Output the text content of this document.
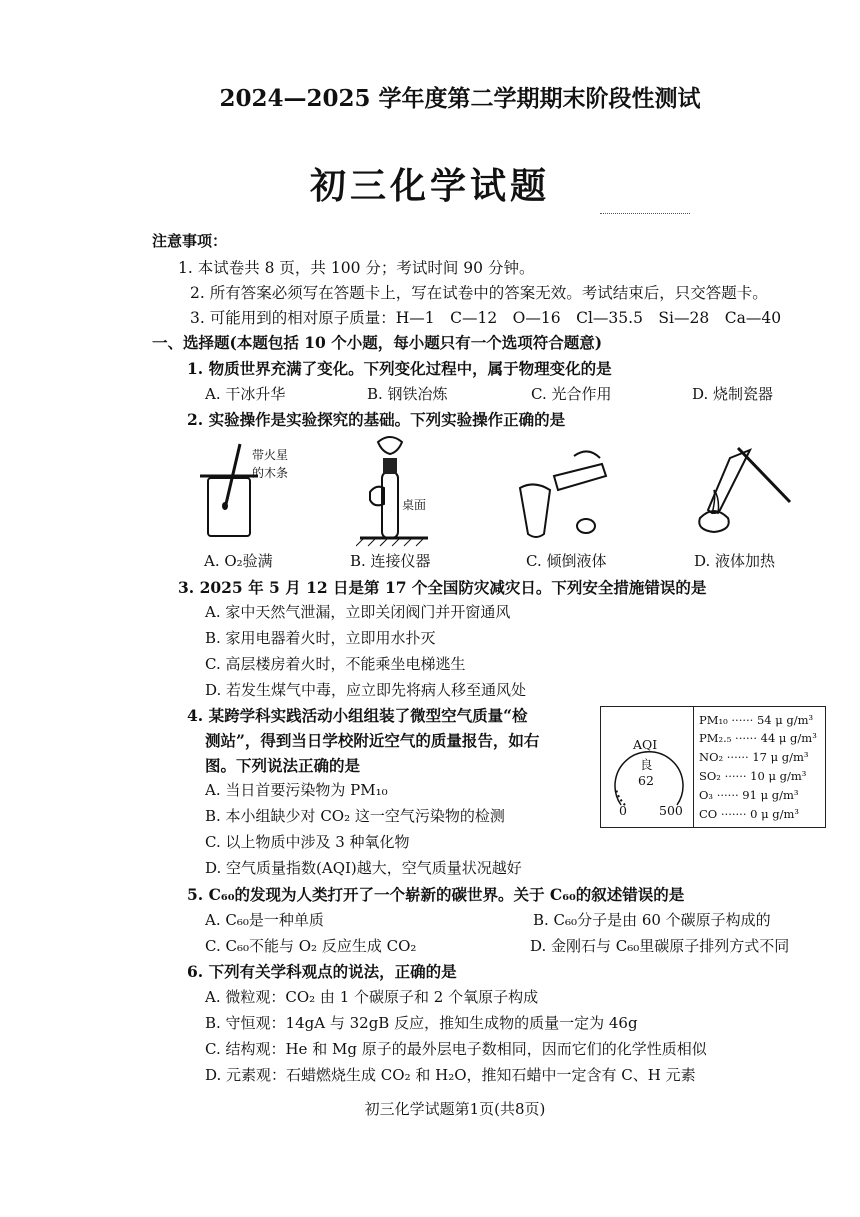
2024—2025 学年度第二学期期末阶段性测试
初三化学试题
注意事项：
1. 本试卷共 8 页，共 100 分；考试时间 90 分钟。
2. 所有答案必须写在答题卡上，写在试卷中的答案无效。考试结束后，只交答题卡。
3. 可能用到的相对原子质量：H—1　C—12　O—16　Cl—35.5　Si—28　Ca—40
一、选择题(本题包括 10 个小题，每小题只有一个选项符合题意)
1. 物质世界充满了变化。下列变化过程中，属于物理变化的是
A. 干冰升华	B. 钢铁冶炼	C. 光合作用	D. 烧制瓷器
2. 实验操作是实验探究的基础。下列实验操作正确的是
带火星
的木条
桌面
A. O₂验满	B. 连接仪器	C. 倾倒液体	D. 液体加热
3. 2025 年 5 月 12 日是第 17 个全国防灾减灾日。下列安全措施错误的是
A. 家中天然气泄漏，立即关闭阀门并开窗通风
B. 家用电器着火时，立即用水扑灭
C. 高层楼房着火时，不能乘坐电梯逃生
D. 若发生煤气中毒，应立即先将病人移至通风处
4. 某跨学科实践活动小组组装了微型空气质量“检
测站”，得到当日学校附近空气的质量报告，如右
图。下列说法正确的是
A. 当日首要污染物为 PM₁₀
B. 本小组缺少对 CO₂ 这一空气污染物的检测
C. 以上物质中涉及 3 种氧化物
D. 空气质量指数(AQI)越大，空气质量状况越好
AQI
良
62
0	500
PM₁₀ ······ 54 μ g/m³
PM₂.₅ ······ 44 μ g/m³
NO₂ ······ 17 μ g/m³
SO₂ ······ 10 μ g/m³
O₃ ······ 91 μ g/m³
CO ······· 0 μ g/m³
5. C₆₀的发现为人类打开了一个崭新的碳世界。关于 C₆₀的叙述错误的是
A. C₆₀是一种单质	B. C₆₀分子是由 60 个碳原子构成的
C. C₆₀不能与 O₂ 反应生成 CO₂	D. 金刚石与 C₆₀里碳原子排列方式不同
6. 下列有关学科观点的说法，正确的是
A. 微粒观：CO₂ 由 1 个碳原子和 2 个氧原子构成
B. 守恒观：14gA 与 32gB 反应，推知生成物的质量一定为 46g
C. 结构观：He 和 Mg 原子的最外层电子数相同，因而它们的化学性质相似
D. 元素观：石蜡燃烧生成 CO₂ 和 H₂O，推知石蜡中一定含有 C、H 元素
初三化学试题第1页(共8页)
